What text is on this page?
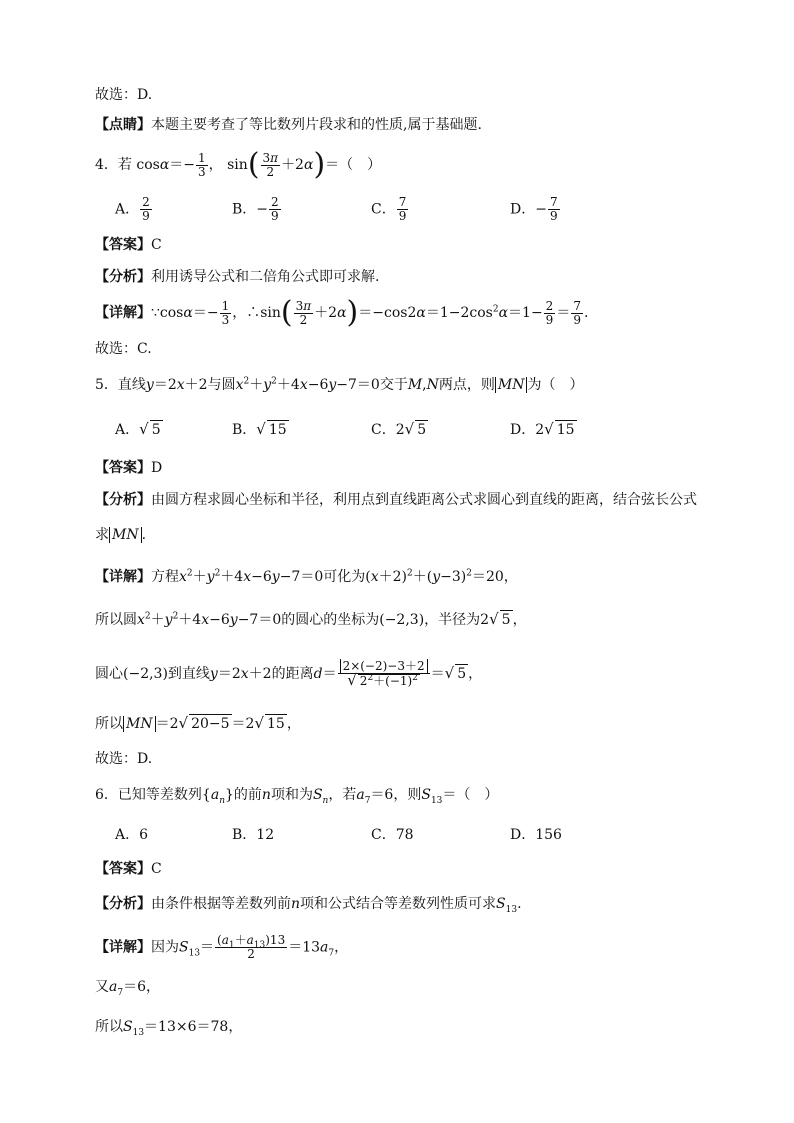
故选：D.
【点睛】本题主要考查了等比数列片段求和的性质,属于基础题.
4．若 $\cos\alpha=- \frac{1}{3}$ ， $\sin( \frac{3\pi}{2} +2\alpha)=$（　）
A． $\frac{2}{9}$	B．− $\frac{2}{9}$	C． $\frac{7}{9}$	D．− $\frac{7}{9}$
【答案】C
【分析】利用诱导公式和二倍角公式即可求解.
【详解】∵cosα＝− $\frac{1}{3}$ ，∴sin( $\frac{3\pi}{2} +2\alpha)=-\cos 2\alpha=1-2\cos^2\alpha=1- \frac{2}{9} = \frac{7}{9}$ .
故选：C.
5．直线y＝2x＋2与圆$x^2+y^2+4x-6y-7=0$交于M,N两点，则 MN 为（　）
A．√ 5	B．√ 15	C．2√ 5	D．2√ 15
【答案】D
【分析】由圆方程求圆心坐标和半径，利用点到直线距离公式求圆心到直线的距离，结合弦长公式
求 MN .
【详解】方程$x^2+y^2+4x-6y-7=0$可化为$(x+2)^2+(y-3)^2=20$，
所以圆$x^2+y^2+4x-6y-7=0$的圆心的坐标为(−2,3)，半径为2√ 5 ，
圆心(−2,3)到直线y＝2x＋2的距离$d= \frac{2\times(-2)-3+2}{√ 2^2+(-1)^2}$ ＝√ 5 ，
所以 MN ＝2√ 20−5 ＝2√ 15 ，
故选：D.
6．已知等差数列$\{a_n\}$的前n项和为$S_n$，若$a_7=6$，则$S_{13}=$（　）
A．6	B．12	C．78	D．156
【答案】C
【分析】由条件根据等差数列前n项和公式结合等差数列性质可求$S_{13}$.
【详解】因为$S_{13}= \frac{(a_1+a_{13})13}{2} =13a_7$，
又$a_7=6$，
所以$S_{13}=13\times 6=78$，
